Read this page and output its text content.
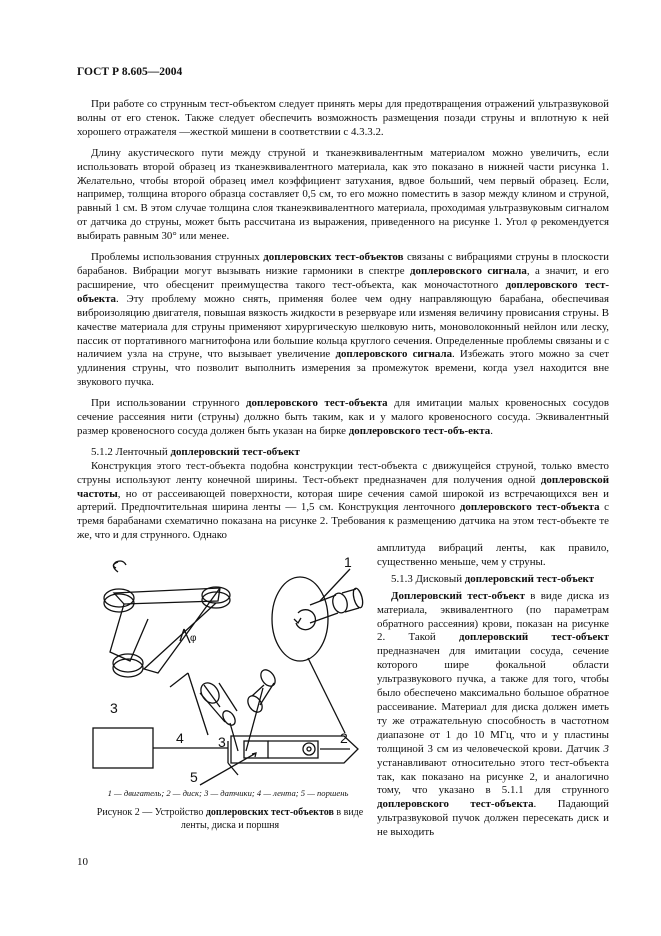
ГОСТ Р 8.605—2004

При работе со струнным тест-объектом следует принять меры для предотвращения отражений ультразвуковой волны от его стенок. Также следует обеспечить возможность размещения позади струны и вплотную к ней хорошего отражателя —жесткой мишени в соответствии с 4.3.3.2.

Длину акустического пути между струной и тканеэквивалентным материалом можно увеличить, если использовать второй образец из тканеэквивалентного материала, как это показано в нижней части рисунка 1. Желательно, чтобы второй образец имел коэффициент затухания, вдвое больший, чем первый образец. Если, например, толщина второго образца составляет 0,5 см, то его можно поместить в зазор между клином и струной, равный 1 см. В этом случае толщина слоя тканеэквивалентного материала, проходимая ультразвуковым сигналом от датчика до струны, может быть рассчитана из выражения, приведенного на рисунке 1. Угол φ рекомендуется выбирать равным 30° или менее.

Проблемы использования струнных доплеровских тест-объектов связаны с вибрациями струны в плоскости барабанов. Вибрации могут вызывать низкие гармоники в спектре доплеровского сигнала, а значит, и его расширение, что обесценит преимущества такого тест-объекта, как моночастотного доплеровского тест-объекта. Эту проблему можно снять, применяя более чем одну направляющую барабана, обеспечивая виброизоляцию двигателя, повышая вязкость жидкости в резервуаре или изменяя величину провисания струны. В качестве материала для струны применяют хирургическую шелковую нить, моноволоконный нейлон или леску, пассик от портативного магнитофона или большие кольца круглого сечения. Определенные проблемы связаны и с наличием узла на струне, что вызывает увеличение доплеровского сигнала. Избежать этого можно за счет удлинения струны, что позволит выполнить измерения за промежуток времени, когда узел находится вне звукового пучка.

При использовании струнного доплеровского тест-объекта для имитации малых кровеносных сосудов сечение рассеяния нити (струны) должно быть таким, как и у малого кровеносного сосуда. Эквивалентный размер кровеносного сосуда должен быть указан на бирке доплеровского тест-объ-екта.

5.1.2 Ленточный доплеровский тест-объект

Конструкция этого тест-объекта подобна конструкции тест-объекта с движущейся струной, только вместо струны используют ленту конечной ширины. Тест-объект предназначен для получения одной доплеровской частоты, но от рассеивающей поверхности, которая шире сечения самой широкой из встречающихся вен и артерий. Предпочтительная ширина ленты — 1,5 см. Конструкция ленточного доплеровского тест-объекта с тремя барабанами схематично показана на рисунке 2. Требования к размещению датчика на этом тест-объекте те же, что и для струнного. Однако

амплитуда вибраций ленты, как правило, существенно меньше, чем у струны.

5.1.3 Дисковый доплеровский тест-объект

Доплеровский тест-объект в виде диска из материала, эквивалентного (по параметрам обратного рассеяния) крови, показан на рисунке 2. Такой доплеровский тест-объект предназначен для имитации сосуда, сечение которого шире фокальной области ультразвукового пучка, а также для того, чтобы было обеспечено максимально большое обратное рассеивание. Материал для диска должен иметь ту же отражательную способность в частотном диапазоне от 1 до 10 МГц, что и у пластины толщиной 3 см из человеческой крови. Датчик 3 устанавливают относительно этого тест-объекта так, как показано на рисунке 2, и аналогично тому, что указано в 5.1.1 для струнного доплеровского тест-объекта. Падающий ультразвуковой пучок должен пересекать диск и не выходить

1
2
3
3
4
5
φ
1 — двигатель; 2 — диск; 3 — датчики; 4 — лента; 5 — поршень
Рисунок 2 — Устройство доплеровских тест-объектов в виде ленты, диска и поршня
10
